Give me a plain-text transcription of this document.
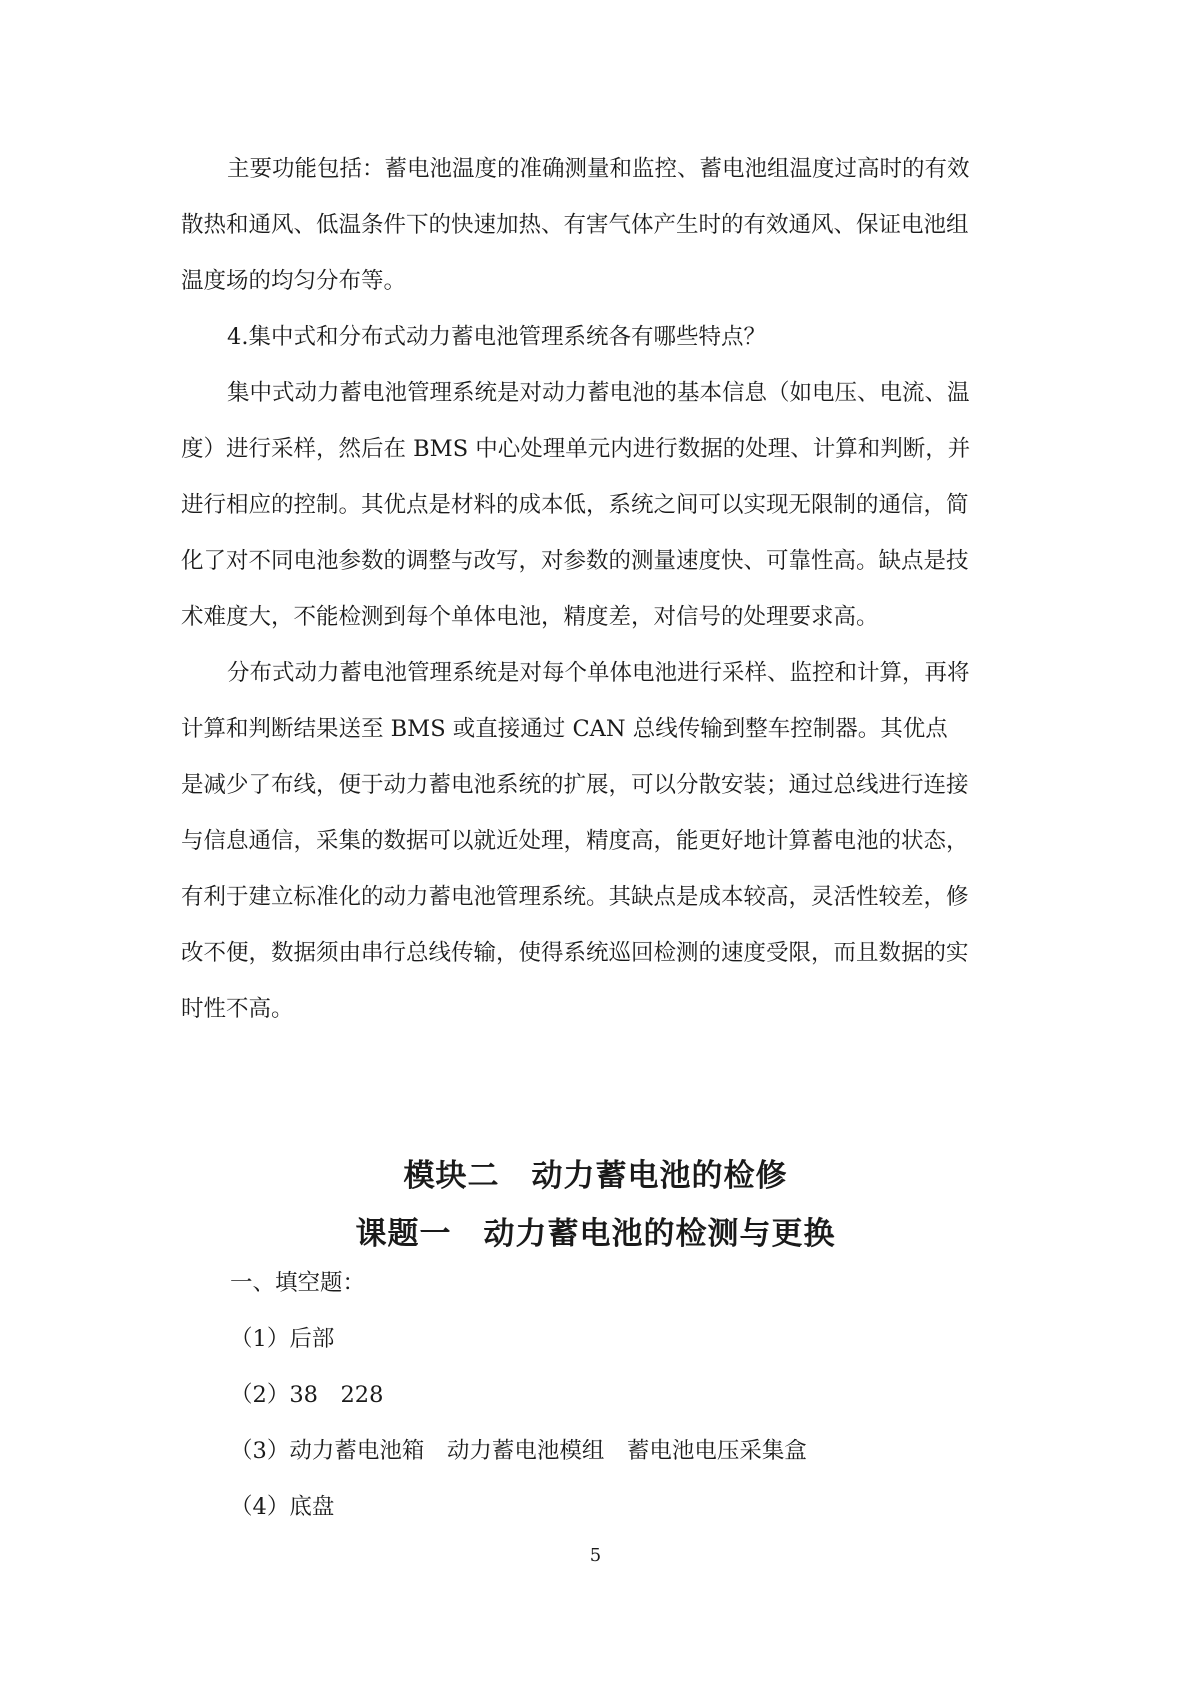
主要功能包括：蓄电池温度的准确测量和监控、蓄电池组温度过高时的有效
散热和通风、低温条件下的快速加热、有害气体产生时的有效通风、保证电池组
温度场的均匀分布等。
4.集中式和分布式动力蓄电池管理系统各有哪些特点？
集中式动力蓄电池管理系统是对动力蓄电池的基本信息（如电压、电流、温
度）进行采样，然后在 BMS 中心处理单元内进行数据的处理、计算和判断，并
进行相应的控制。其优点是材料的成本低，系统之间可以实现无限制的通信，简
化了对不同电池参数的调整与改写，对参数的测量速度快、可靠性高。缺点是技
术难度大，不能检测到每个单体电池，精度差，对信号的处理要求高。
分布式动力蓄电池管理系统是对每个单体电池进行采样、监控和计算，再将
计算和判断结果送至 BMS 或直接通过 CAN 总线传输到整车控制器。其优点
是减少了布线，便于动力蓄电池系统的扩展，可以分散安装；通过总线进行连接
与信息通信，采集的数据可以就近处理，精度高，能更好地计算蓄电池的状态，
有利于建立标准化的动力蓄电池管理系统。其缺点是成本较高，灵活性较差，修
改不便，数据须由串行总线传输，使得系统巡回检测的速度受限，而且数据的实
时性不高。
模块二　动力蓄电池的检修
课题一　动力蓄电池的检测与更换

一、填空题：

（1）后部

（2）38　228

（3）动力蓄电池箱　动力蓄电池模组　蓄电池电压采集盒

（4）底盘

5
